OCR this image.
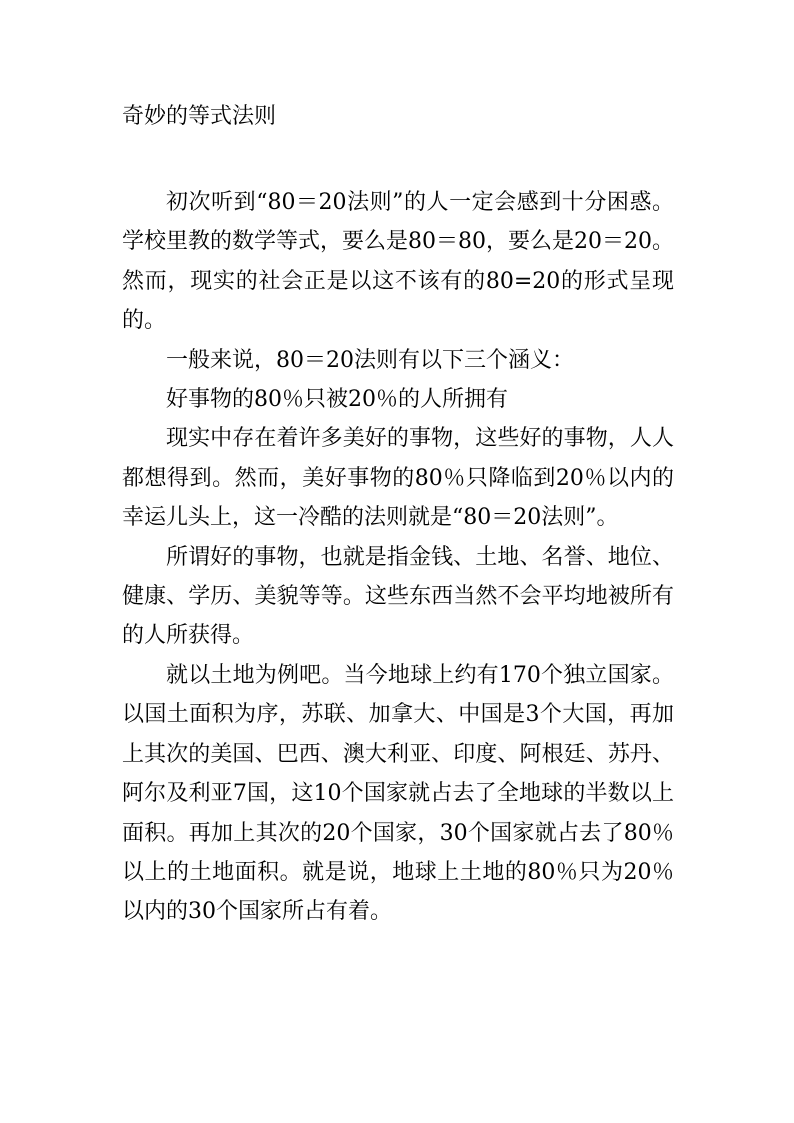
奇妙的等式法则

初次听到“80＝20法则”的人一定会感到十分困惑。学校里教的数学等式，要么是80＝80，要么是20＝20。然而，现实的社会正是以这不该有的80=20的形式呈现的。

一般来说，80＝20法则有以下三个涵义：

好事物的80％只被20％的人所拥有

现实中存在着许多美好的事物，这些好的事物，人人都想得到。然而，美好事物的80％只降临到20％以内的幸运儿头上，这一冷酷的法则就是“80＝20法则”。

所谓好的事物，也就是指金钱、土地、名誉、地位、健康、学历、美貌等等。这些东西当然不会平均地被所有的人所获得。

就以土地为例吧。当今地球上约有170个独立国家。以国土面积为序，苏联、加拿大、中国是3个大国，再加上其次的美国、巴西、澳大利亚、印度、阿根廷、苏丹、阿尔及利亚7国，这10个国家就占去了全地球的半数以上面积。再加上其次的20个国家，30个国家就占去了80％以上的土地面积。就是说，地球上土地的80％只为20％以内的30个国家所占有着。
